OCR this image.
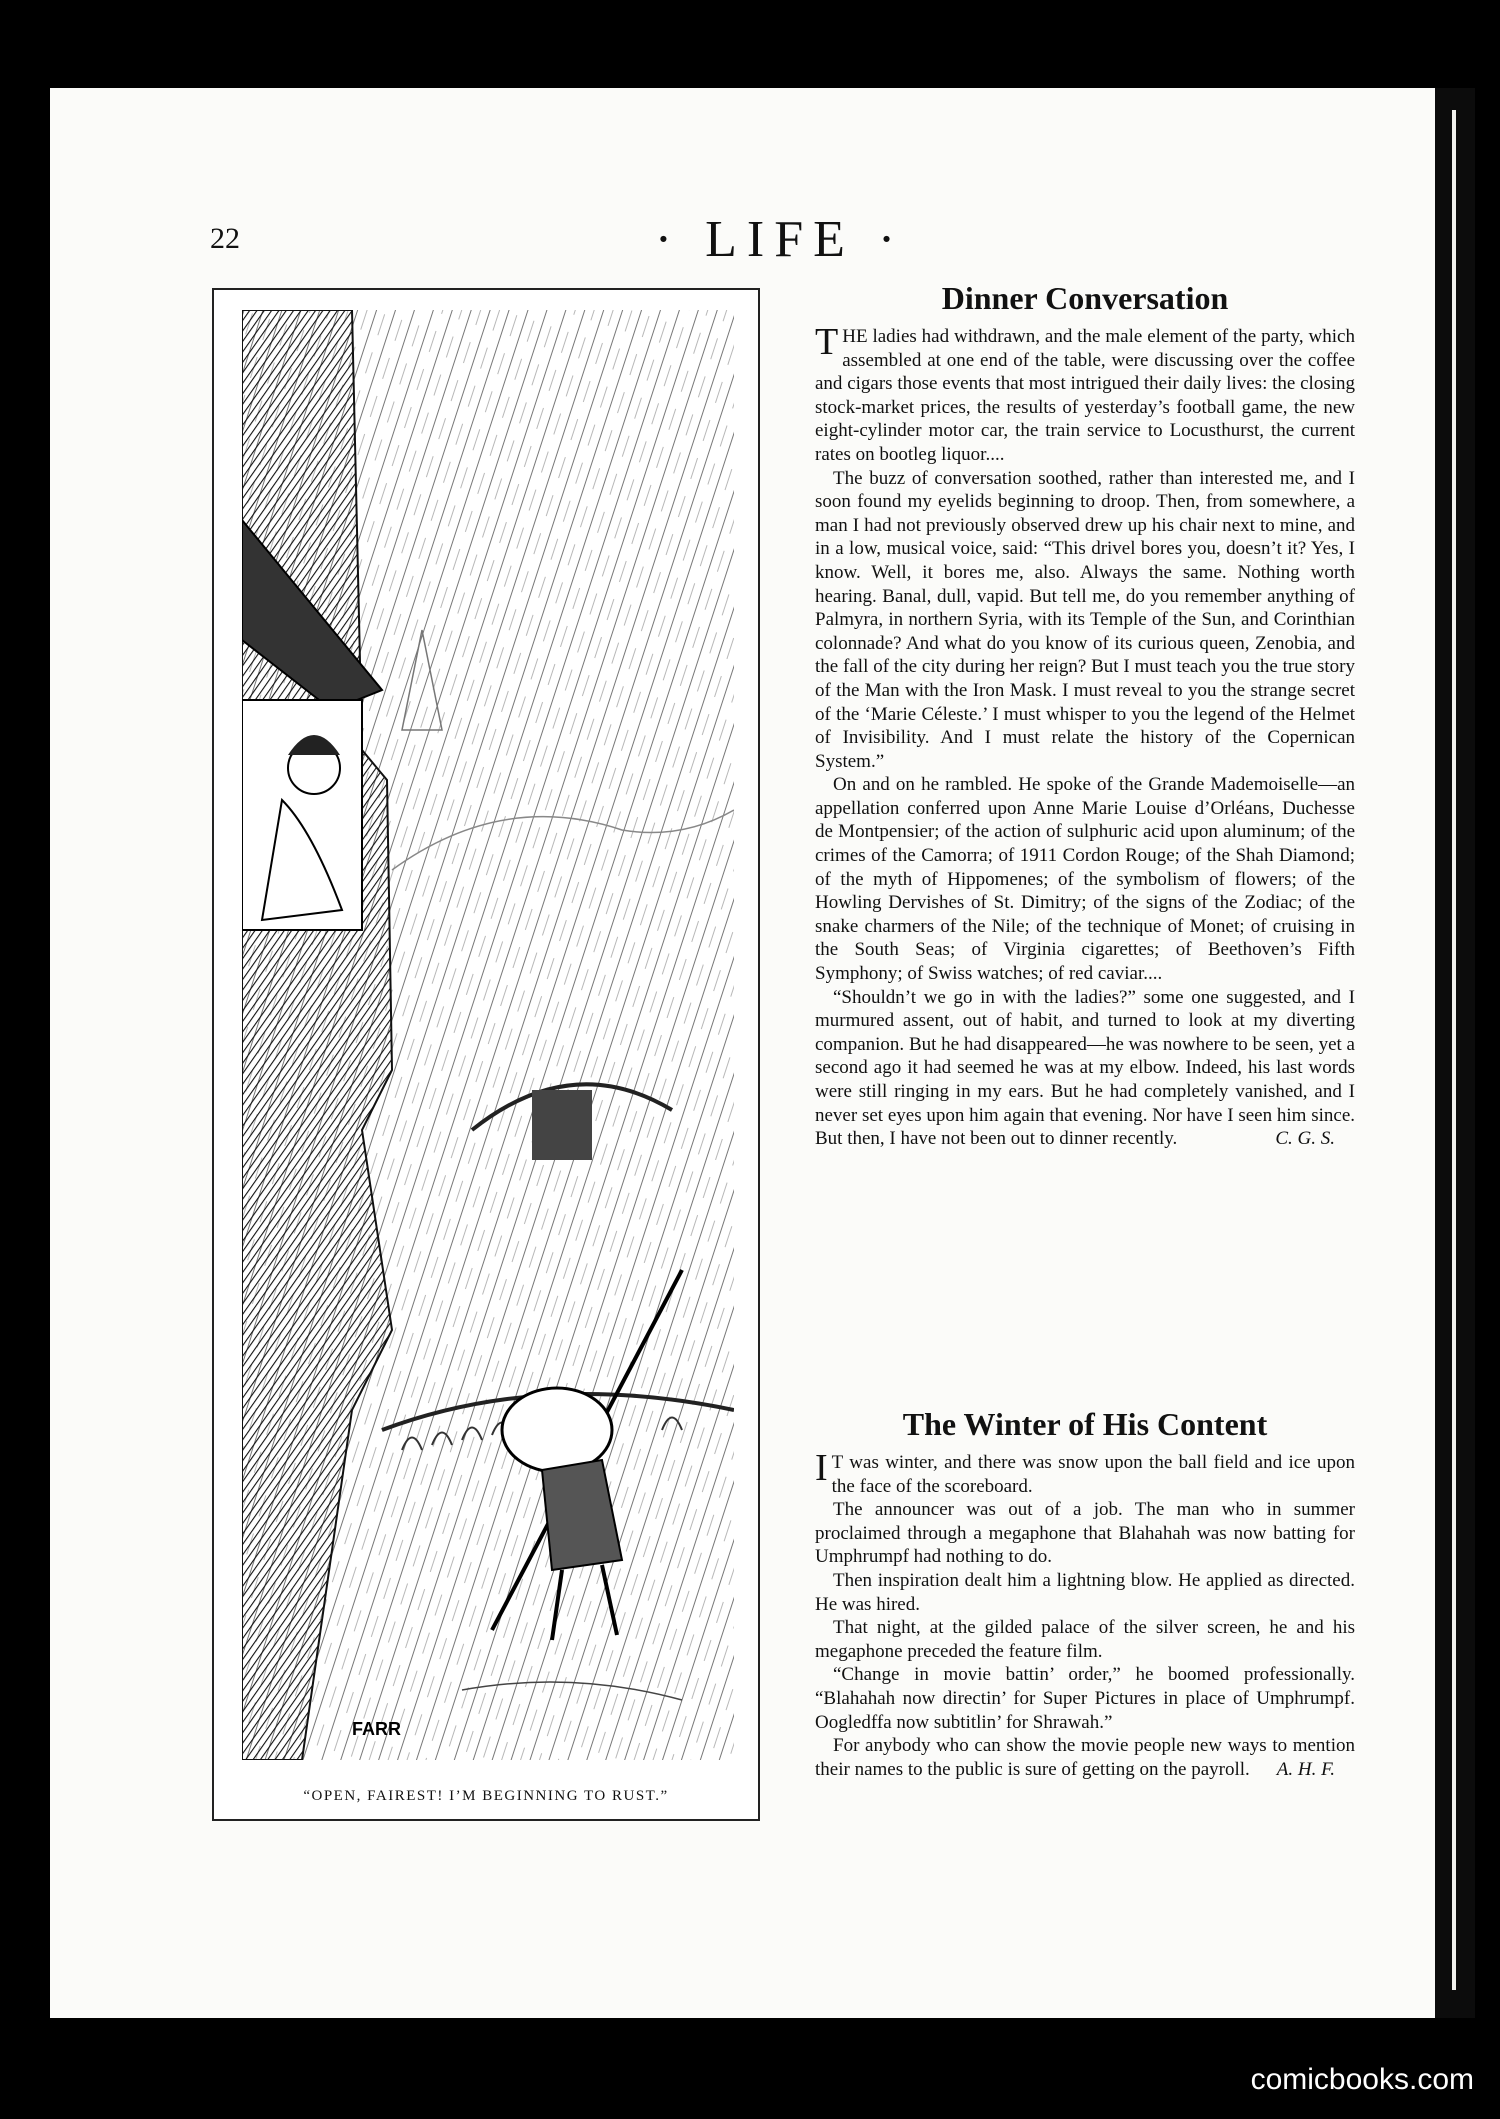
22	· LIFE ·
FARR
“OPEN, FAIREST! I’M BEGINNING TO RUST.”
Dinner Conversation

THE ladies had withdrawn, and the male element of the party, which assembled at one end of the table, were discussing over the coffee and cigars those events that most intrigued their daily lives: the closing stock-market prices, the results of yesterday’s football game, the new eight-cylinder motor car, the train service to Locusthurst, the current rates on bootleg liquor....

The buzz of conversation soothed, rather than interested me, and I soon found my eyelids beginning to droop. Then, from somewhere, a man I had not previously observed drew up his chair next to mine, and in a low, musical voice, said: “This drivel bores you, doesn’t it? Yes, I know. Well, it bores me, also. Always the same. Nothing worth hearing. Banal, dull, vapid. But tell me, do you remember anything of Palmyra, in northern Syria, with its Temple of the Sun, and Corinthian colonnade? And what do you know of its curious queen, Zenobia, and the fall of the city during her reign? But I must teach you the true story of the Man with the Iron Mask. I must reveal to you the strange secret of the ‘Marie Céleste.’ I must whisper to you the legend of the Helmet of Invisibility. And I must relate the history of the Copernican System.”

On and on he rambled. He spoke of the Grande Mademoiselle—an appellation conferred upon Anne Marie Louise d’Orléans, Duchesse de Montpensier; of the action of sulphuric acid upon aluminum; of the crimes of the Camorra; of 1911 Cordon Rouge; of the Shah Diamond; of the myth of Hippomenes; of the symbolism of flowers; of the Howling Dervishes of St. Dimitry; of the signs of the Zodiac; of the snake charmers of the Nile; of the technique of Monet; of cruising in the South Seas; of Virginia cigarettes; of Beethoven’s Fifth Symphony; of Swiss watches; of red caviar....

“Shouldn’t we go in with the ladies?” some one suggested, and I murmured assent, out of habit, and turned to look at my diverting companion. But he had disappeared—he was nowhere to be seen, yet a second ago it had seemed he was at my elbow. Indeed, his last words were still ringing in my ears. But he had completely vanished, and I never set eyes upon him again that evening. Nor have I seen him since. But then, I have not been out to dinner recently.	C. G. S.

The Winter of His Content

I T was winter, and there was snow upon the ball field and ice upon the face of the scoreboard.

The announcer was out of a job. The man who in summer proclaimed through a megaphone that Blahahah was now batting for Umphrumpf had nothing to do.

Then inspiration dealt him a lightning blow. He applied as directed. He was hired.

That night, at the gilded palace of the silver screen, he and his megaphone preceded the feature film.

“Change in movie battin’ order,” he boomed professionally. “Blahahah now directin’ for Super Pictures in place of Umphrumpf. Oogledffa now subtitlin’ for Shrawah.”

For anybody who can show the movie people new ways to mention their names to the public is sure of getting on the payroll.	A. H. F.

comicbooks.com
